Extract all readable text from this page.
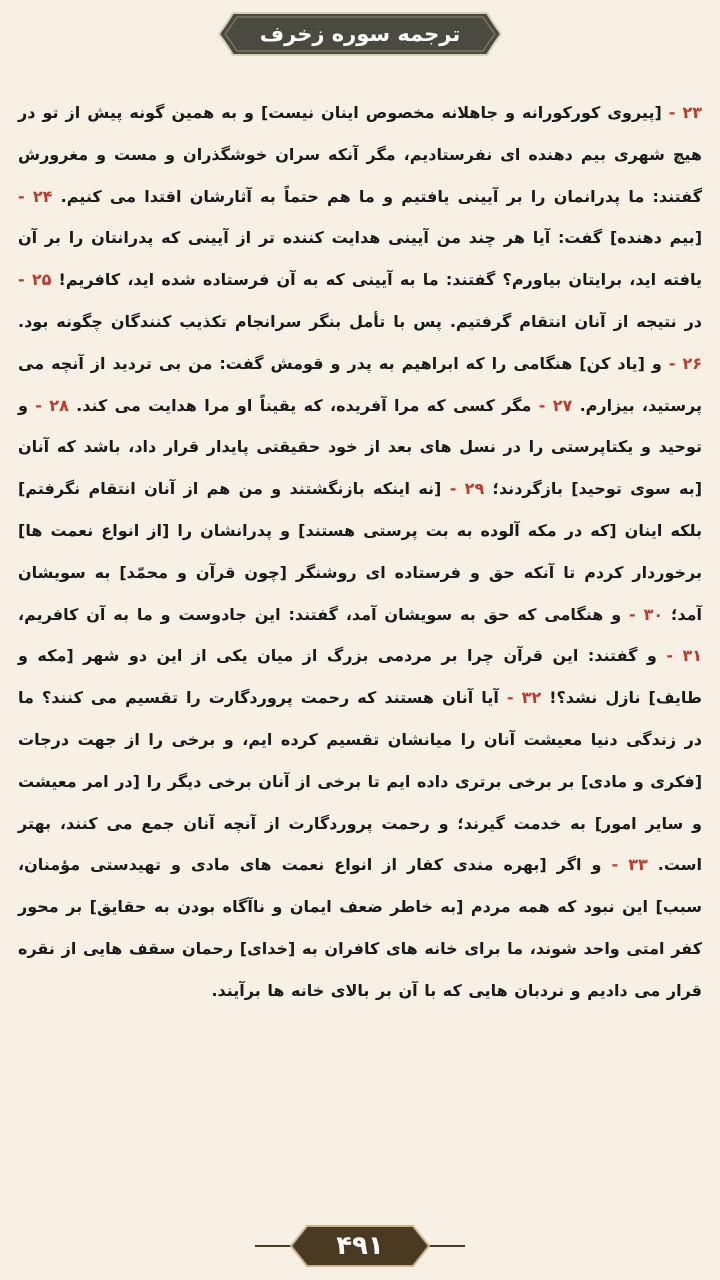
ترجمه سوره زخرف
۲۳ - [پیروی کورکورانه و جاهلانه مخصوص اینان نیست] و به همین گونه پیش از تو در هیچ شهری بیم دهنده ای نفرستادیم، مگر آنکه سران خوشگذران و مست و مغرورش گفتند: ما پدرانمان را بر آیینی یافتیم و ما هم حتماً به آثارشان اقتدا می کنیم. ۲۴ - [بیم دهنده] گفت: آیا هر چند من آیینی هدایت کننده تر از آیینی که پدرانتان را بر آن یافته اید، برایتان بیاورم؟ گفتند: ما به آیینی که به آن فرستاده شده اید، کافریم! ۲۵ - در نتیجه از آنان انتقام گرفتیم. پس با تأمل بنگر سرانجام تکذیب کنندگان چگونه بود. ۲۶ - و [یاد کن] هنگامی را که ابراهیم به پدر و قومش گفت: من بی تردید از آنچه می پرستید، بیزارم. ۲۷ - مگر کسی که مرا آفریده، که یقیناً او مرا هدایت می کند. ۲۸ - و توحید و یکتاپرستی را در نسل های بعد از خود حقیقتی پایدار قرار داد، باشد که آنان [به سوی توحید] بازگردند؛ ۲۹ - [نه اینکه بازنگشتند و من هم از آنان انتقام نگرفتم] بلکه اینان [که در مکه آلوده به بت پرستی هستند] و پدرانشان را [از انواع نعمت ها] برخوردار کردم تا آنکه حق و فرستاده ای روشنگر [چون قرآن و محمّد] به سویشان آمد؛ ۳۰ - و هنگامی که حق به سویشان آمد، گفتند: این جادوست و ما به آن کافریم، ۳۱ - و گفتند: این قرآن چرا بر مردمی بزرگ از میان یکی از این دو شهر [مکه و طایف] نازل نشد؟! ۳۲ - آیا آنان هستند که رحمت پروردگارت را تقسیم می کنند؟ ما در زندگی دنیا معیشت آنان را میانشان تقسیم کرده ایم، و برخی را از جهت درجات [فکری و مادی] بر برخی برتری داده ایم تا برخی از آنان برخی دیگر را [در امر معیشت و سایر امور] به خدمت گیرند؛ و رحمت پروردگارت از آنچه آنان جمع می کنند، بهتر است. ۳۳ - و اگر [بهره مندی کفار از انواع نعمت های مادی و تهیدستی مؤمنان، سبب] این نبود که همه مردم [به خاطر ضعف ایمان و ناآگاه بودن به حقایق] بر محور کفر امتی واحد شوند، ما برای خانه های کافران به [خدای] رحمان سقف هایی از نقره قرار می دادیم و نردبان هایی که با آن بر بالای خانه ها برآیند.
۴۹۱
